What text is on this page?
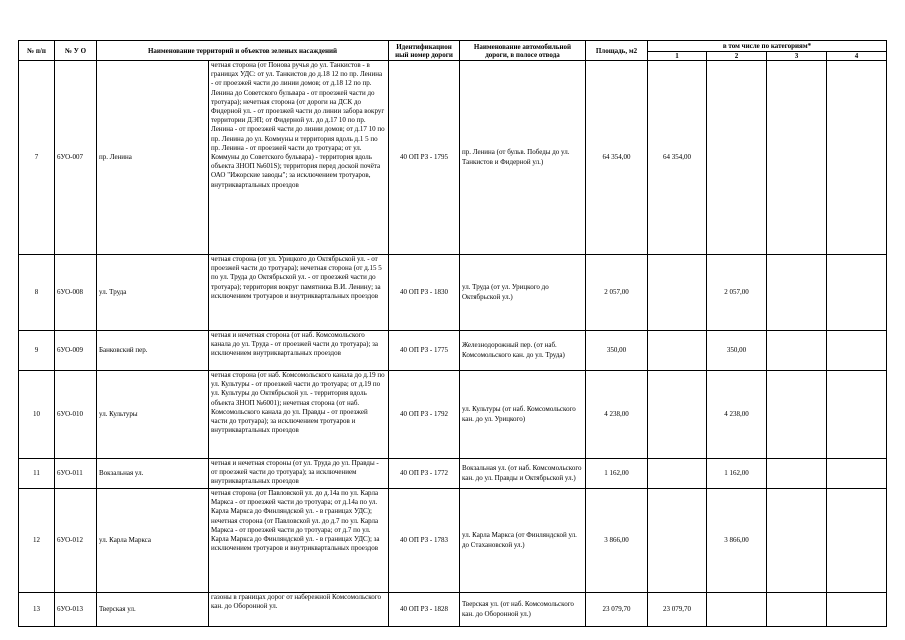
№ п/п	№ У О	Наименование территорий и объектов зеленых насаждений		Идентификацион ный номер дороги	Наименование автомобильной дороги, в полосе отвода	Площадь, м2	в том числе по категориям*			
							1	2	3	4
7	6УО-007	пр. Ленина	четная сторона (от Понова ручья до ул. Танкистов - в границах УДС: от ул. Танкистов до д.18 12 по пр. Ленина - от проезжей части до линии домов; от д.18 12 по пр. Ленина до Советского бульвара - от проезжей части до тротуара); нечетная сторона (от дороги на ДСК до Фидерной ул. - от проезжей части до линии забора вокруг территории ДЭП; от Фидерной ул. до д.17 10 по пр. Ленина - от проезжей части до линии домов; от д.17 10 по пр. Ленина до ул. Коммуны и территория вдоль д.1 5 по пр. Ленина - от проезжей части до тротуара; от ул. Коммуны до Советского бульвара) - территория вдоль объекта ЗНОП №601S); территория перед доской почёта ОАО "Ижорские заводы"; за исключением тротуаров, внутриквартальных проездов	40 ОП РЗ - 1795	пр. Ленина (от бульв. Победы до ул. Танкистов и Фидерной ул.)	64 354,00	64 354,00			
8	6УО-008	ул. Труда	четная сторона (от ул. Урицкого до Октябрьской ул. - от проезжей части до тротуара); нечетная сторона (от д.15 5 по ул. Труда до Октябрьской ул. - от проезжей части до тротуара); территория вокруг памятника В.И. Ленину; за исключением тротуаров и внутриквартальных проездов	40 ОП РЗ - 1830	ул. Труда (от ул. Урицкого до Октябрьской ул.)	2 057,00		2 057,00		
9	6УО-009	Банковский пер.	четная и нечетная сторона (от наб. Комсомольского канала до ул. Труда - от проезжей части до тротуара); за исключением внутриквартальных проездов	40 ОП РЗ - 1775	Железнодорожный пер. (от наб. Комсомольского кан. до ул. Труда)	350,00		350,00		
10	6УО-010	ул. Культуры	четная сторона (от наб. Комсомольского канала до д.19 по ул. Культуры - от проезжей части до тротуара; от д.19 по ул. Культуры до Октябрьской ул. - территория вдоль объекта ЗНОП №6001); нечетная сторона (от наб. Комсомольского канала до ул. Правды - от проезжей части до тротуара); за исключением тротуаров и внутриквартальных проездов	40 ОП РЗ - 1792	ул. Культуры (от наб. Комсомольского кан. до ул. Урицкого)	4 238,00		4 238,00		
11	6УО-011	Вокзальная ул.	четная и нечетная стороны (от ул. Труда до ул. Правды - от проезжей части до тротуара); за исключением внутриквартальных проездов	40 ОП РЗ - 1772	Вокзальная ул. (от наб. Комсомольского кан. до ул. Правды и Октябрьской ул.)	1 162,00		1 162,00		
12	6УО-012	ул. Карла Маркса	четная сторона (от Павловской ул. до д.14а по ул. Карла Маркса - от проезжей части до тротуара; от д.14а по ул. Карла Маркса до Финляндской ул. - в границах УДС); нечетная сторона (от Павловской ул. до д.7 по ул. Карла Маркса - от проезжей части до тротуара; от д.7 по ул. Карла Маркса до Финляндской ул. - в границах УДС); за исключением тротуаров и внутриквартальных проездов	40 ОП РЗ - 1783	ул. Карла Маркса (от Финляндской ул. до Стахановской ул.)	3 866,00		3 866,00		
13	6УО-013	Тверская ул.	газоны в границах дорог от набережной Комсомольского кан. до Оборонной ул.	40 ОП РЗ - 1828	Тверская ул. (от наб. Комсомольского кан. до Оборонной ул.)	23 079,70	23 079,70			
